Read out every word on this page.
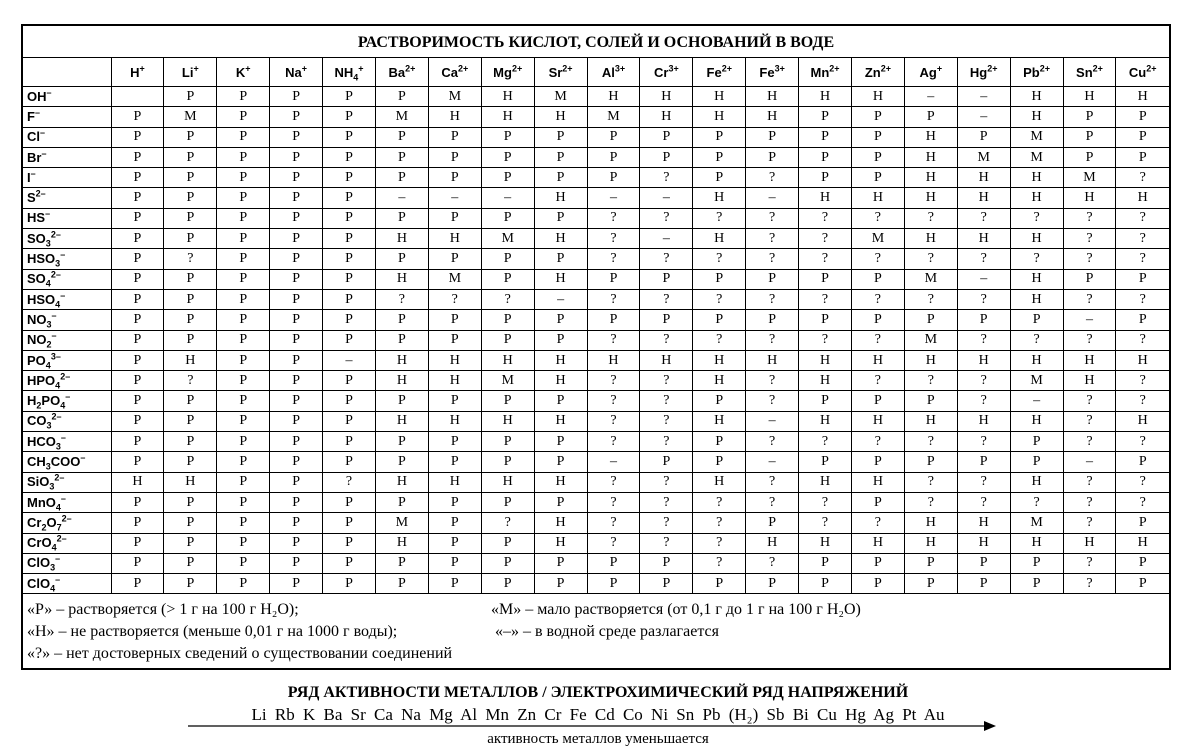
РАСТВОРИМОСТЬ КИСЛОТ, СОЛЕЙ И ОСНОВАНИЙ В ВОДЕ
	H+	Li+	K+	Na+	$NH_4^+$	$Ba^{2+}$	$Ca^{2+}$	$Mg^{2+}$	$Sr^{2+}$	$Al^{3+}$	$Cr^{3+}$	$Fe^{2+}$	$Fe^{3+}$	$Mn^{2+}$	$Zn^{2+}$	Ag+	$Hg^{2+}$	$Pb^{2+}$	$Sn^{2+}$	$Cu^{2+}$
OH–		Р	Р	Р	Р	Р	М	Н	М	Н	Н	Н	Н	Н	Н	–	–	Н	Н	Н
F–	Р	М	Р	Р	Р	М	Н	Н	Н	М	Н	Н	Н	Р	Р	Р	–	Н	Р	Р
Cl–	Р	Р	Р	Р	Р	Р	Р	Р	Р	Р	Р	Р	Р	Р	Р	Н	Р	М	Р	Р
Br–	Р	Р	Р	Р	Р	Р	Р	Р	Р	Р	Р	Р	Р	Р	Р	Н	М	М	Р	Р
I–	Р	Р	Р	Р	Р	Р	Р	Р	Р	Р	?	Р	?	Р	Р	Н	Н	Н	М	?
$S^{2-}$	Р	Р	Р	Р	Р	–	–	–	Н	–	–	Н	–	Н	Н	Н	Н	Н	Н	Н
HS–	Р	Р	Р	Р	Р	Р	Р	Р	Р	?	?	?	?	?	?	?	?	?	?	?
$SO_3^{2-}$	Р	Р	Р	Р	Р	Н	Н	М	Н	?	–	Н	?	?	М	Н	Н	Н	?	?
$HSO_3^-$	Р	?	Р	Р	Р	Р	Р	Р	Р	?	?	?	?	?	?	?	?	?	?	?
$SO_4^{2-}$	Р	Р	Р	Р	Р	Н	М	Р	Н	Р	Р	Р	Р	Р	Р	М	–	Н	Р	Р
$HSO_4^-$	Р	Р	Р	Р	Р	?	?	?	–	?	?	?	?	?	?	?	?	Н	?	?
$NO_3^-$	Р	Р	Р	Р	Р	Р	Р	Р	Р	Р	Р	Р	Р	Р	Р	Р	Р	Р	–	Р
$NO_2^-$	Р	Р	Р	Р	Р	Р	Р	Р	Р	?	?	?	?	?	?	М	?	?	?	?
$PO_4^{3-}$	Р	Н	Р	Р	–	Н	Н	Н	Н	Н	Н	Н	Н	Н	Н	Н	Н	Н	Н	Н
$HPO_4^{2-}$	Р	?	Р	Р	Р	Н	Н	М	Н	?	?	Н	?	Н	?	?	?	М	Н	?
$H_2PO_4^-$	Р	Р	Р	Р	Р	Р	Р	Р	Р	?	?	Р	?	Р	Р	Р	?	–	?	?
$CO_3^{2-}$	Р	Р	Р	Р	Р	Н	Н	Н	Н	?	?	Н	–	Н	Н	Н	Н	Н	?	Н
$HCO_3^-$	Р	Р	Р	Р	Р	Р	Р	Р	Р	?	?	Р	?	?	?	?	?	Р	?	?
$CH_3COO^-$	Р	Р	Р	Р	Р	Р	Р	Р	Р	–	Р	Р	–	Р	Р	Р	Р	Р	–	Р
SiO$_3^{2-}$	Н	Н	Р	Р	?	Н	Н	Н	Н	?	?	Н	?	Н	Н	?	?	Н	?	?
MnO$_4$–	Р	Р	Р	Р	Р	Р	Р	Р	Р	?	?	?	?	?	Р	?	?	?	?	?
$Cr_2O_7^{2-}$	Р	Р	Р	Р	Р	М	Р	?	Н	?	?	?	Р	?	?	Н	Н	М	?	Р
CrO$_4^{2-}$	Р	Р	Р	Р	Р	Н	Р	Р	Н	?	?	?	Н	Н	Н	Н	Н	Н	Н	Н
ClO$_3$–	Р	Р	Р	Р	Р	Р	Р	Р	Р	Р	Р	?	?	Р	Р	Р	Р	Р	?	Р
ClO$_4$–	Р	Р	Р	Р	Р	Р	Р	Р	Р	Р	Р	Р	Р	Р	Р	Р	Р	Р	?	Р
«Р» – растворяется (> 1 г на 100 г H₂O);
«Н» – не растворяется (меньше 0,01 г на 1000 г воды);
«?» – нет достоверных сведений о существовании соединений
«М» – мало растворяется (от 0,1 г до 1 г на 100 г H₂O)
«–» – в водной среде разлагается
РЯД АКТИВНОСТИ МЕТАЛЛОВ / ЭЛЕКТРОХИМИЧЕСКИЙ РЯД НАПРЯЖЕНИЙ
Li Rb K Ba Sr Ca Na Mg Al Mn Zn Cr Fe Cd Co Ni Sn Pb (H₂) Sb Bi Cu Hg Ag Pt Au
активность металлов уменьшается
